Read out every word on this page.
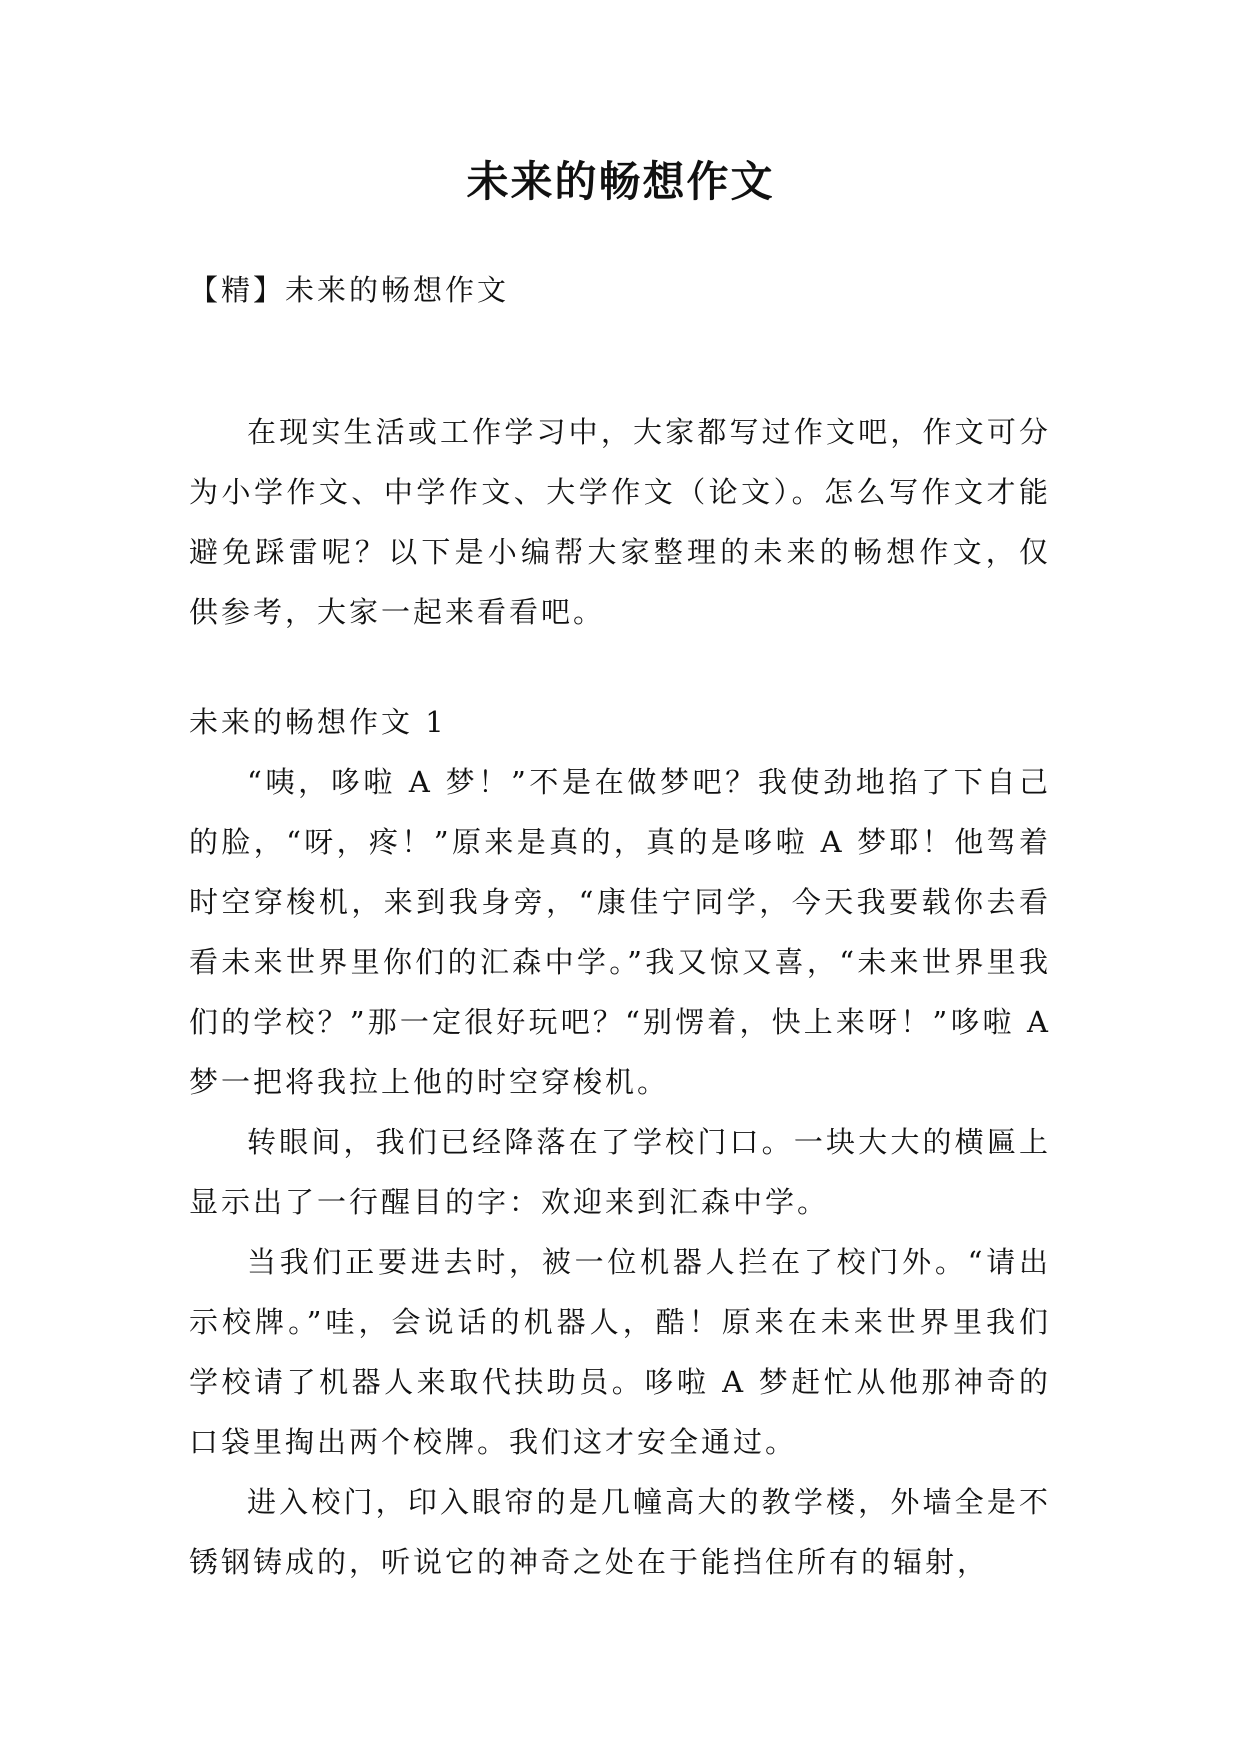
未来的畅想作文

【精】未来的畅想作文

在现实生活或工作学习中，大家都写过作文吧，作文可分为小学作文、中学作文、大学作文（论文）。怎么写作文才能避免踩雷呢？以下是小编帮大家整理的未来的畅想作文，仅供参考，大家一起来看看吧。

未来的畅想作文 1

“咦，哆啦 A 梦！”不是在做梦吧？我使劲地掐了下自己的脸，“呀，疼！”原来是真的，真的是哆啦 A 梦耶！他驾着时空穿梭机，来到我身旁，“康佳宁同学，今天我要载你去看看未来世界里你们的汇森中学。”我又惊又喜，“未来世界里我们的学校？”那一定很好玩吧？“别愣着，快上来呀！”哆啦 A 梦一把将我拉上他的时空穿梭机。

转眼间，我们已经降落在了学校门口。一块大大的横匾上显示出了一行醒目的字：欢迎来到汇森中学。

当我们正要进去时，被一位机器人拦在了校门外。“请出示校牌。”哇，会说话的机器人，酷！原来在未来世界里我们学校请了机器人来取代扶助员。哆啦 A 梦赶忙从他那神奇的口袋里掏出两个校牌。我们这才安全通过。

进入校门，印入眼帘的是几幢高大的教学楼，外墙全是不锈钢铸成的，听说它的神奇之处在于能挡住所有的辐射，
